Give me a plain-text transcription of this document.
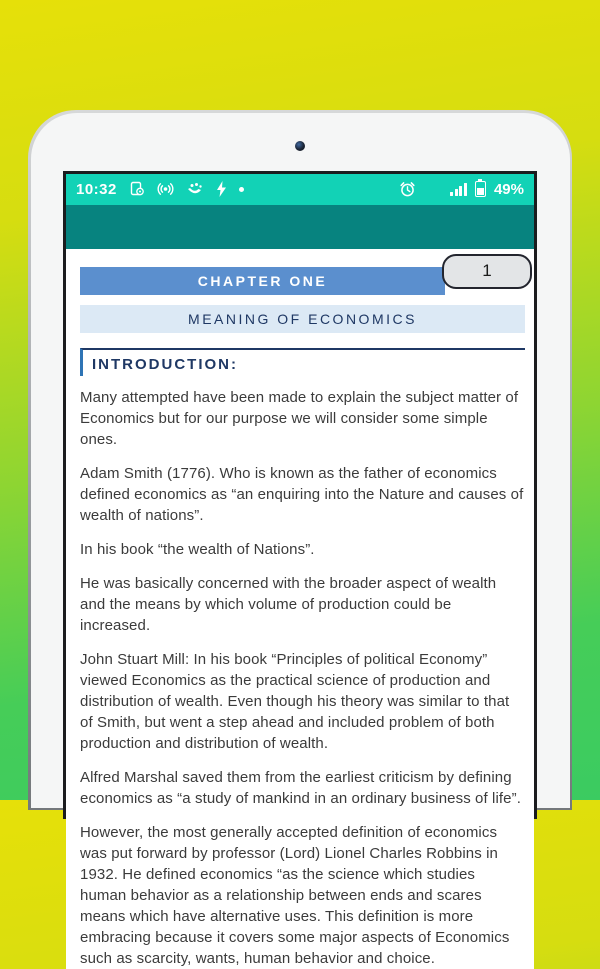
10:32	49%
CHAPTER ONE
1
MEANING OF ECONOMICS
INTRODUCTION:

Many attempted have been made to explain the subject matter of Economics but for our purpose we will consider some simple ones.

Adam Smith (1776). Who is known as the father of economics defined economics as “an enquiring into the Nature and causes of wealth of nations”.

In his book “the wealth of Nations”.

He was basically concerned with the broader aspect of wealth and the means by which volume of production could be increased.

John Stuart Mill: In his book “Principles of political Economy” viewed Economics as the practical science of production and distribution of wealth. Even though his theory was similar to that of Smith, but went a step ahead and included problem of both production and distribution of wealth.

Alfred Marshal saved them from the earliest criticism by defining economics as “a study of mankind in an ordinary business of life”.

However, the most generally accepted definition of economics was put forward by professor (Lord) Lionel Charles Robbins in 1932. He defined economics “as the science which studies human behavior as a relationship between ends and scares means which have alternative uses. This definition is more embracing because it covers some major aspects of Economics such as scarcity, wants, human behavior and choice.
